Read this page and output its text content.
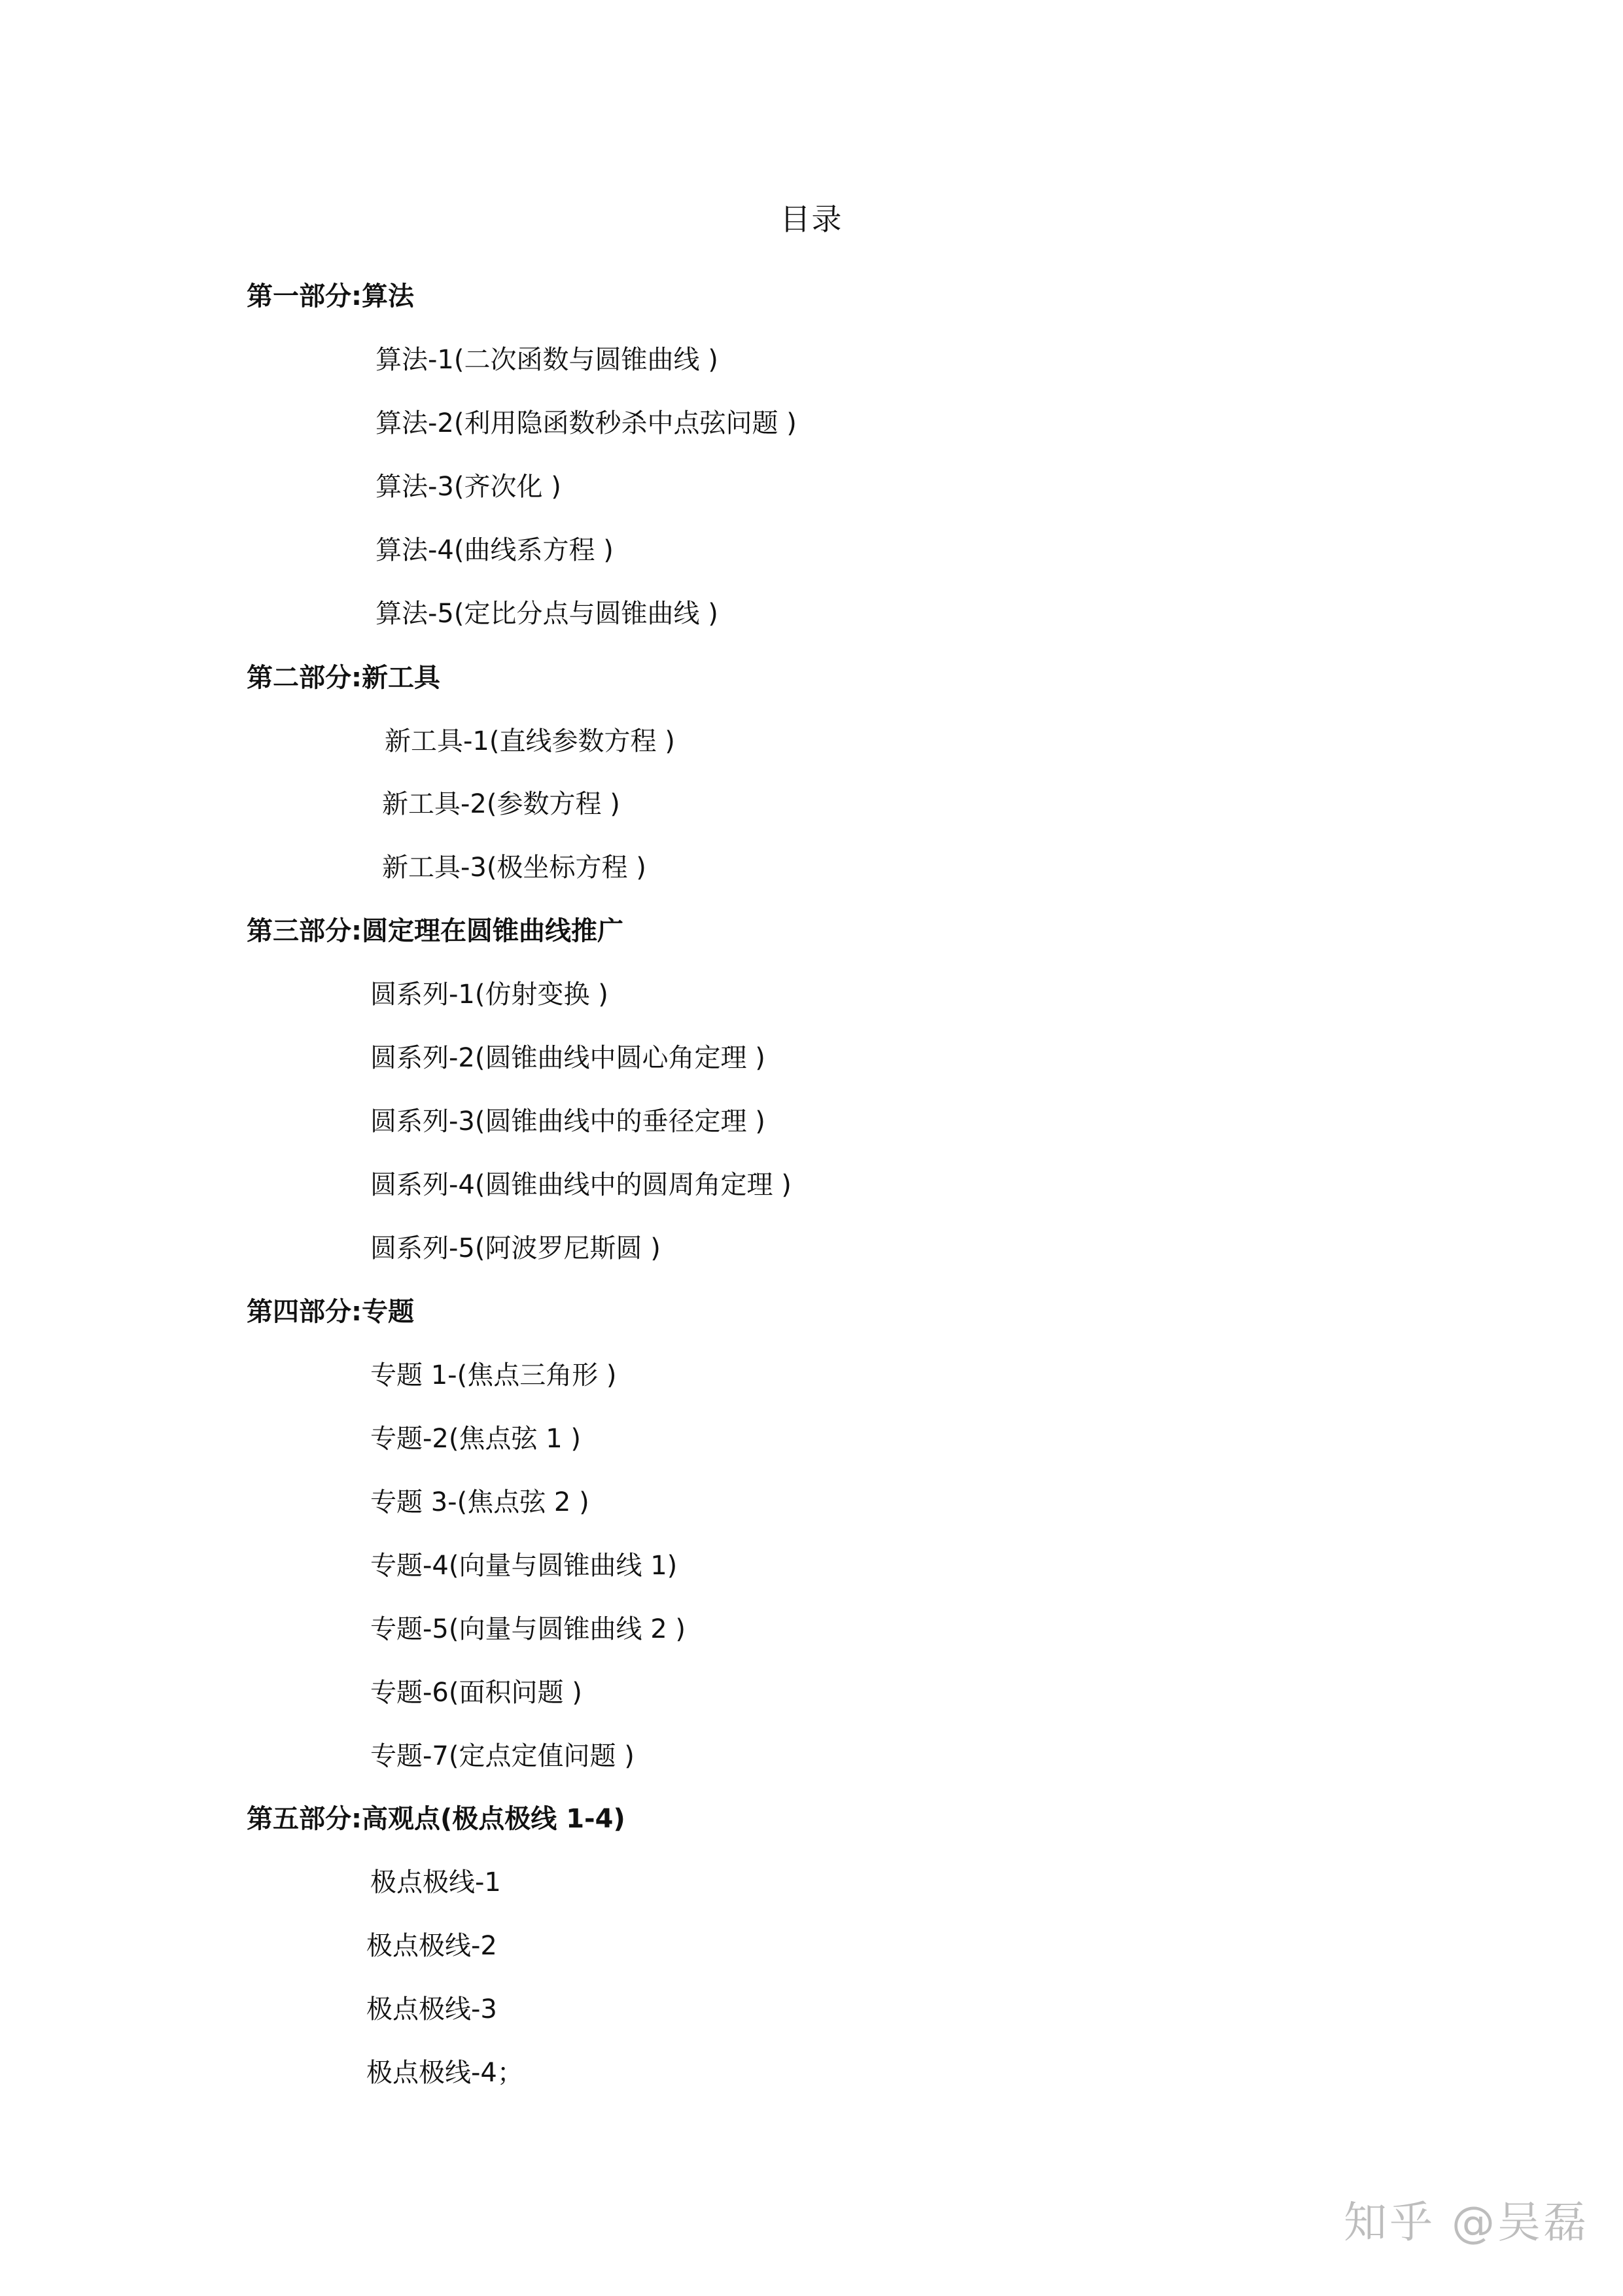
目录
第一部分:算法
算法-1(二次函数与圆锥曲线 )
算法-2(利用隐函数秒杀中点弦问题 )
算法-3(齐次化 )
算法-4(曲线系方程 )
算法-5(定比分点与圆锥曲线 )
第二部分:新工具
新工具-1(直线参数方程 )
新工具-2(参数方程 )
新工具-3(极坐标方程 )
第三部分:圆定理在圆锥曲线推广
圆系列-1(仿射变换 )
圆系列-2(圆锥曲线中圆心角定理 )
圆系列-3(圆锥曲线中的垂径定理 )
圆系列-4(圆锥曲线中的圆周角定理 )
圆系列-5(阿波罗尼斯圆 )
第四部分:专题
专题 1-(焦点三角形 )
专题-2(焦点弦 1 )
专题 3-(焦点弦 2 )
专题-4(向量与圆锥曲线 1)
专题-5(向量与圆锥曲线 2 )
专题-6(面积问题 )
专题-7(定点定值问题 )
第五部分:高观点(极点极线 1-4)
极点极线-1
极点极线-2
极点极线-3
极点极线-4；
知乎 @吴磊
